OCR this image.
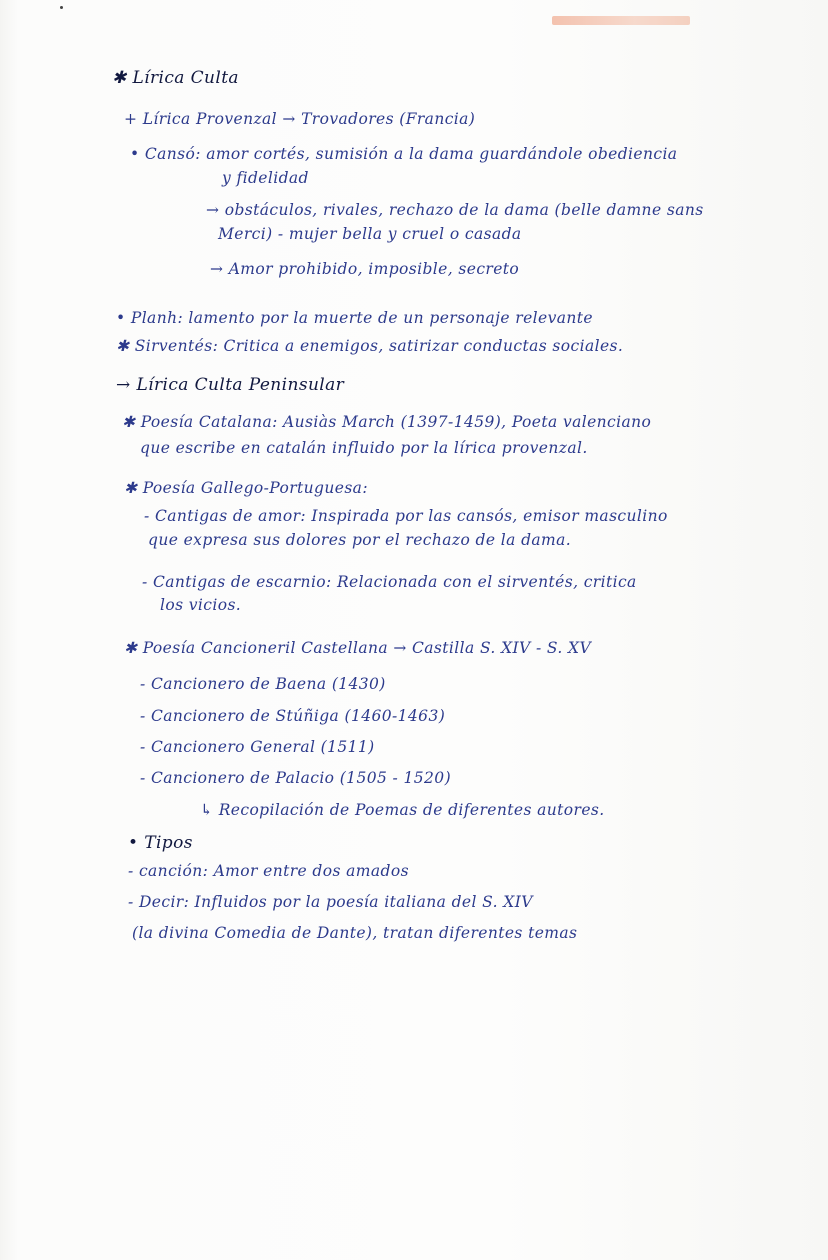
✱ Lírica Culta
+ Lírica Provenzal → Trovadores (Francia)
• Cansó: amor cortés, sumisión a la dama guardándole obediencia
y fidelidad
→ obstáculos, rivales, rechazo de la dama (belle damne sans
Merci) - mujer bella y cruel o casada
→ Amor prohibido, imposible, secreto
• Planh: lamento por la muerte de un personaje relevante
✱ Sirventés: Critica a enemigos, satirizar conductas sociales.
→ Lírica Culta Peninsular
✱ Poesía Catalana: Ausiàs March (1397-1459), Poeta valenciano
que escribe en catalán influido por la lírica provenzal.
✱ Poesía Gallego-Portuguesa:
- Cantigas de amor: Inspirada por las cansós, emisor masculino
que expresa sus dolores por el rechazo de la dama.
- Cantigas de escarnio: Relacionada con el sirventés, critica
los vicios.
✱ Poesía Cancioneril Castellana → Castilla S. XIV - S. XV
- Cancionero de Baena (1430)
- Cancionero de Stúñiga (1460-1463)
- Cancionero General (1511)
- Cancionero de Palacio (1505 - 1520)
↳ Recopilación de Poemas de diferentes autores.
• Tipos
- canción: Amor entre dos amados
- Decir: Influidos por la poesía italiana del S. XIV
(la divina Comedia de Dante), tratan diferentes temas
